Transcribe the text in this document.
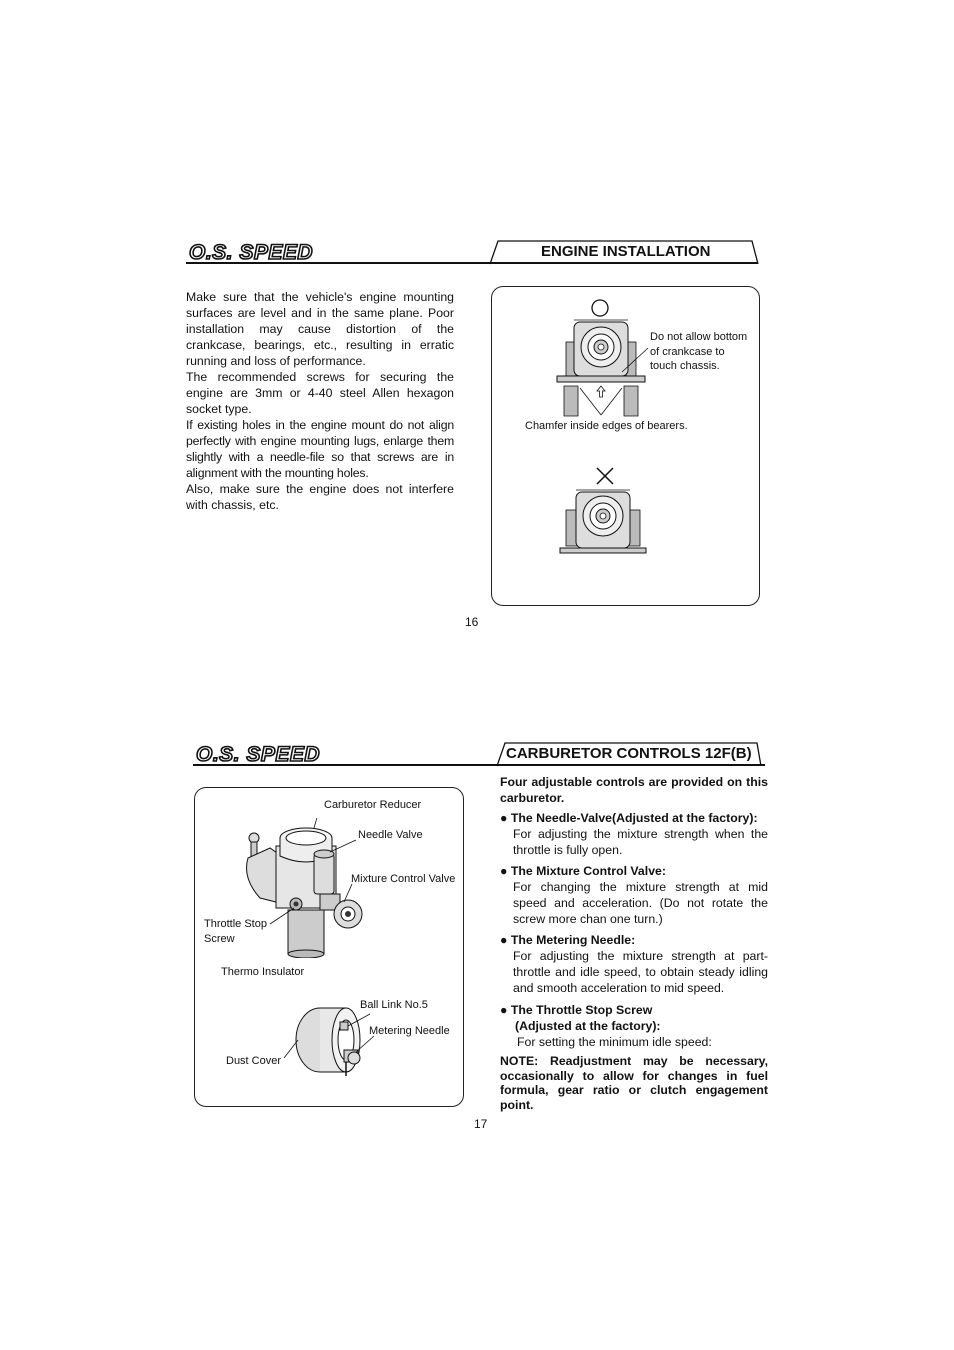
O.S. SPEED	ENGINE INSTALLATION

Make sure that the vehicle's engine mounting surfaces are level and in the same plane. Poor installation may cause distortion of the crankcase, bearings, etc., resulting in erratic running and loss of performance.

The recommended screws for securing the engine are 3mm or 4-40 steel Allen hexagon socket type.

If existing holes in the engine mount do not align perfectly with engine mounting lugs, enlarge them slightly with a needle-file so that screws are in alignment with the mounting holes.

Also, make sure the engine does not interfere with chassis, etc.

Do not allow bottom
of crankcase to
touch chassis.
Chamfer inside edges of bearers.
16
O.S. SPEED	CARBURETOR CONTROLS 12F(B)
Carburetor Reducer
Needle Valve
Mixture Control Valve
Throttle Stop
Screw
Thermo Insulator
Ball Link No.5
Metering Needle
Dust Cover

Four adjustable controls are provided on this carburetor.

● The Needle-Valve(Adjusted at the factory):
For adjusting the mixture strength when the throttle is fully open.
● The Mixture Control Valve:
For changing the mixture strength at mid speed and acceleration. (Do not rotate the screw more chan one turn.)
● The Metering Needle:
For adjusting the mixture strength at part-throttle and idle speed, to obtain steady idling and smooth acceleration to mid speed.
● The Throttle Stop Screw
(Adjusted at the factory):
For setting the minimum idle speed:

NOTE: Readjustment may be necessary, occasionally to allow for changes in fuel formula, gear ratio or clutch engagement point.

17
